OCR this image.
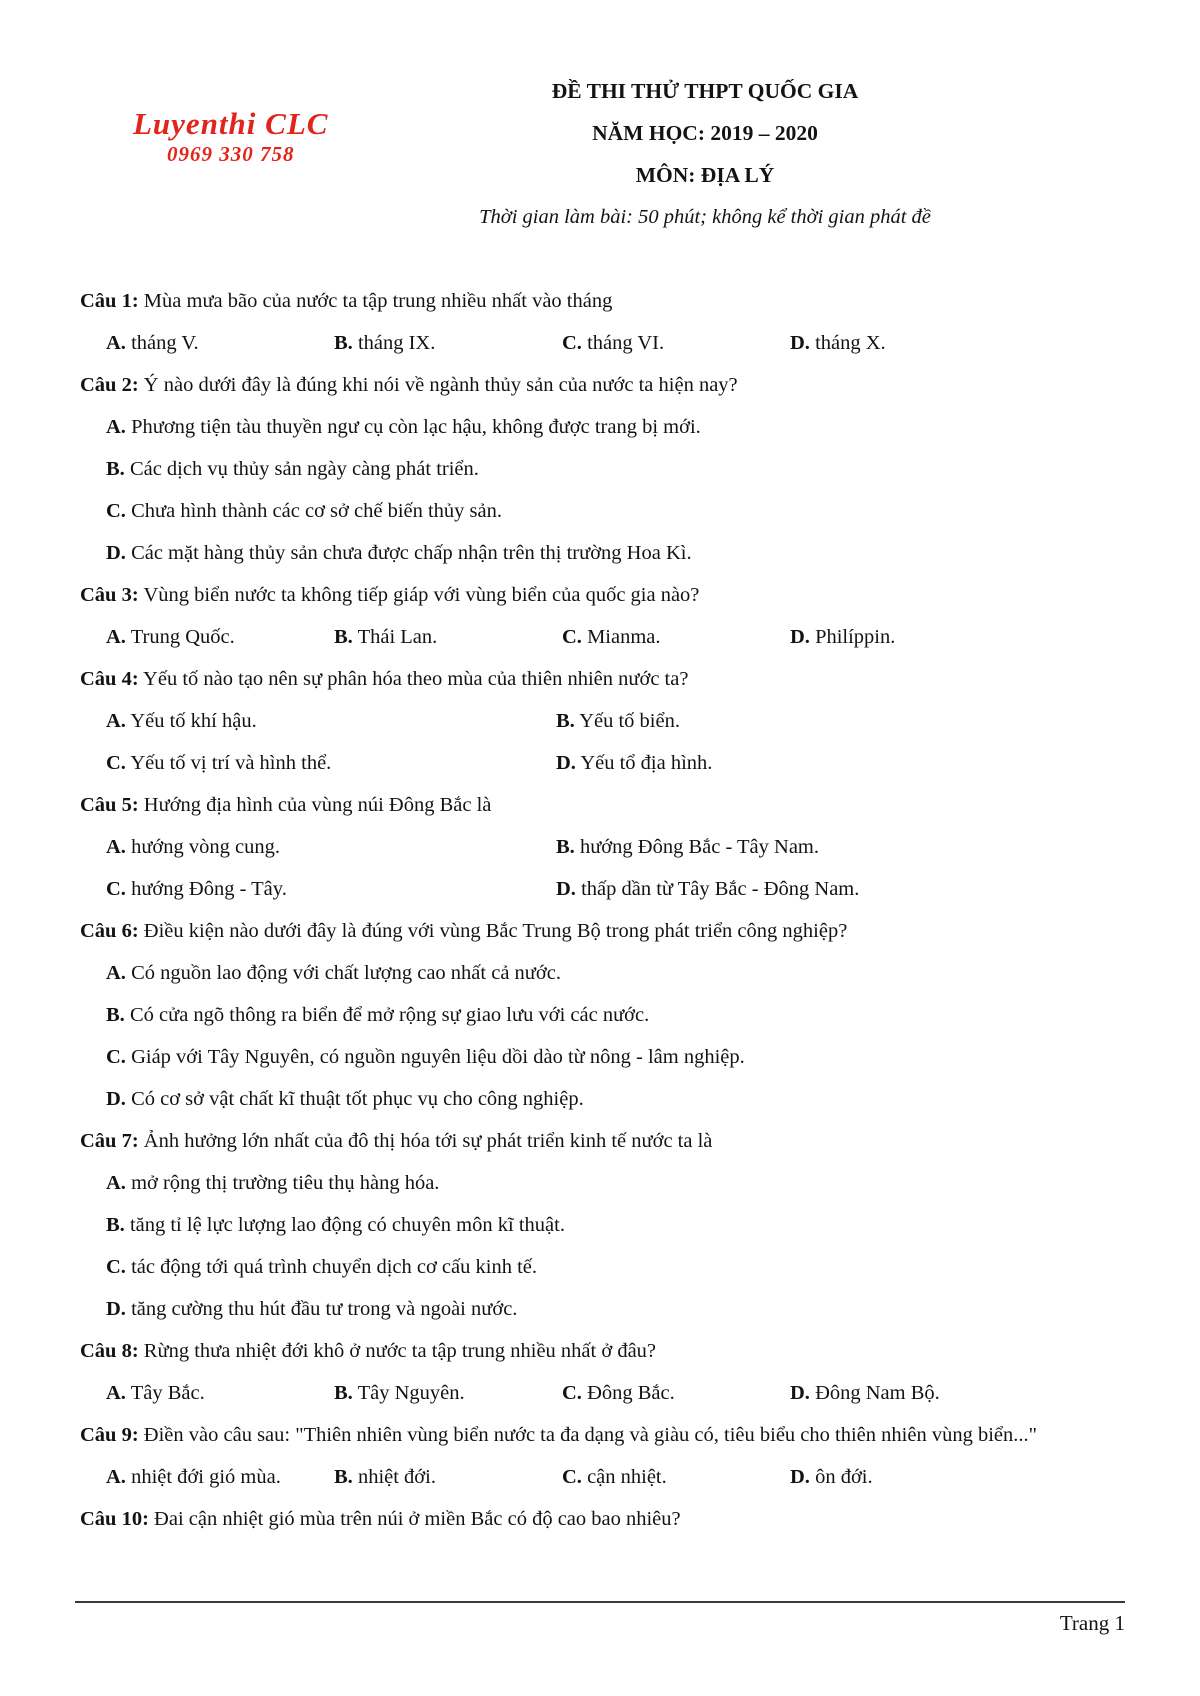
Luyenthi CLC
0969 330 758
ĐỀ THI THỬ THPT QUỐC GIA
NĂM HỌC: 2019 – 2020
MÔN: ĐỊA LÝ
Thời gian làm bài: 50 phút; không kể thời gian phát đề

Câu 1: Mùa mưa bão của nước ta tập trung nhiều nhất vào tháng

A. tháng V.	B. tháng IX.	C. tháng VI.	D. tháng X.

Câu 2: Ý nào dưới đây là đúng khi nói về ngành thủy sản của nước ta hiện nay?

A. Phương tiện tàu thuyền ngư cụ còn lạc hậu, không được trang bị mới.
B. Các dịch vụ thủy sản ngày càng phát triển.
C. Chưa hình thành các cơ sở chế biến thủy sản.
D. Các mặt hàng thủy sản chưa được chấp nhận trên thị trường Hoa Kì.

Câu 3: Vùng biển nước ta không tiếp giáp với vùng biển của quốc gia nào?

A. Trung Quốc.	B. Thái Lan.	C. Mianma.	D. Philíppin.

Câu 4: Yếu tố nào tạo nên sự phân hóa theo mùa của thiên nhiên nước ta?

A. Yếu tố khí hậu.	B. Yếu tố biển.
C. Yếu tố vị trí và hình thể.	D. Yếu tổ địa hình.

Câu 5: Hướng địa hình của vùng núi Đông Bắc là

A. hướng vòng cung.	B. hướng Đông Bắc - Tây Nam.
C. hướng Đông - Tây.	D. thấp dần từ Tây Bắc - Đông Nam.

Câu 6: Điều kiện nào dưới đây là đúng với vùng Bắc Trung Bộ trong phát triển công nghiệp?

A. Có nguồn lao động với chất lượng cao nhất cả nước.
B. Có cửa ngõ thông ra biển để mở rộng sự giao lưu với các nước.
C. Giáp với Tây Nguyên, có nguồn nguyên liệu dồi dào từ nông - lâm nghiệp.
D. Có cơ sở vật chất kĩ thuật tốt phục vụ cho công nghiệp.

Câu 7: Ảnh hưởng lớn nhất của đô thị hóa tới sự phát triển kinh tế nước ta là

A. mở rộng thị trường tiêu thụ hàng hóa.
B. tăng tỉ lệ lực lượng lao động có chuyên môn kĩ thuật.
C. tác động tới quá trình chuyển dịch cơ cấu kinh tế.
D. tăng cường thu hút đầu tư trong và ngoài nước.

Câu 8: Rừng thưa nhiệt đới khô ở nước ta tập trung nhiều nhất ở đâu?

A. Tây Bắc.	B. Tây Nguyên.	C. Đông Bắc.	D. Đông Nam Bộ.

Câu 9: Điền vào câu sau: "Thiên nhiên vùng biển nước ta đa dạng và giàu có, tiêu biểu cho thiên nhiên vùng biển..."

A. nhiệt đới gió mùa.	B. nhiệt đới.	C. cận nhiệt.	D. ôn đới.

Câu 10: Đai cận nhiệt gió mùa trên núi ở miền Bắc có độ cao bao nhiêu?

Trang 1
